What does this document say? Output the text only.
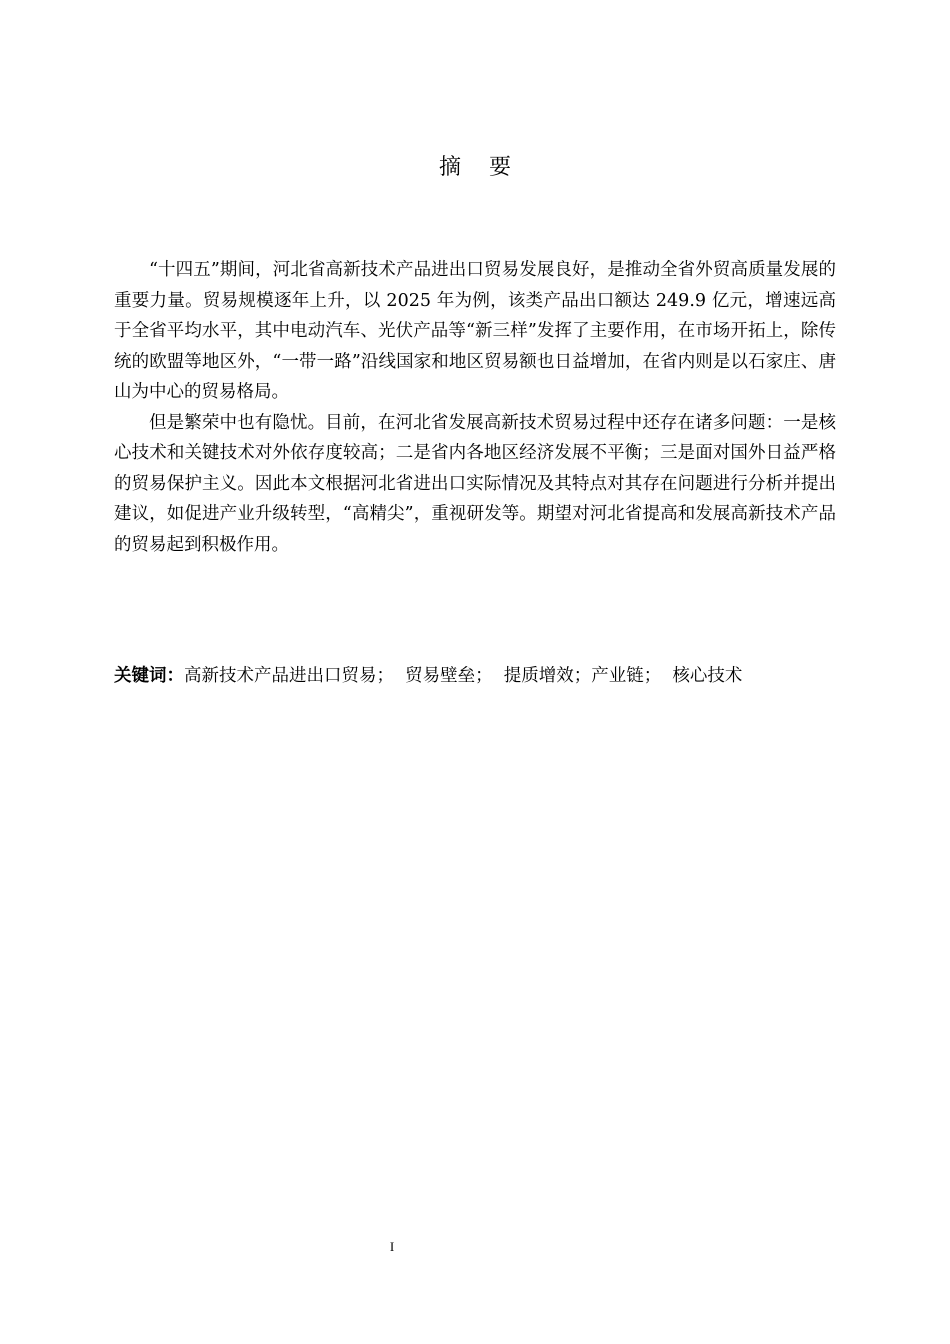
摘 要

“十四五”期间，河北省高新技术产品进出口贸易发展良好，是推动全省外贸高质量发展的重要力量。贸易规模逐年上升，以 2025 年为例，该类产品出口额达 249.9 亿元，增速远高于全省平均水平，其中电动汽车、光伏产品等“新三样”发挥了主要作用，在市场开拓上，除传统的欧盟等地区外，“一带一路”沿线国家和地区贸易额也日益增加，在省内则是以石家庄、唐山为中心的贸易格局。

但是繁荣中也有隐忧。目前，在河北省发展高新技术贸易过程中还存在诸多问题：一是核心技术和关键技术对外依存度较高；二是省内各地区经济发展不平衡；三是面对国外日益严格的贸易保护主义。因此本文根据河北省进出口实际情况及其特点对其存在问题进行分析并提出建议，如促进产业升级转型，“高精尖”，重视研发等。期望对河北省提高和发展高新技术产品的贸易起到积极作用。

关键词：高新技术产品进出口贸易； 贸易壁垒； 提质增效；产业链； 核心技术
I
